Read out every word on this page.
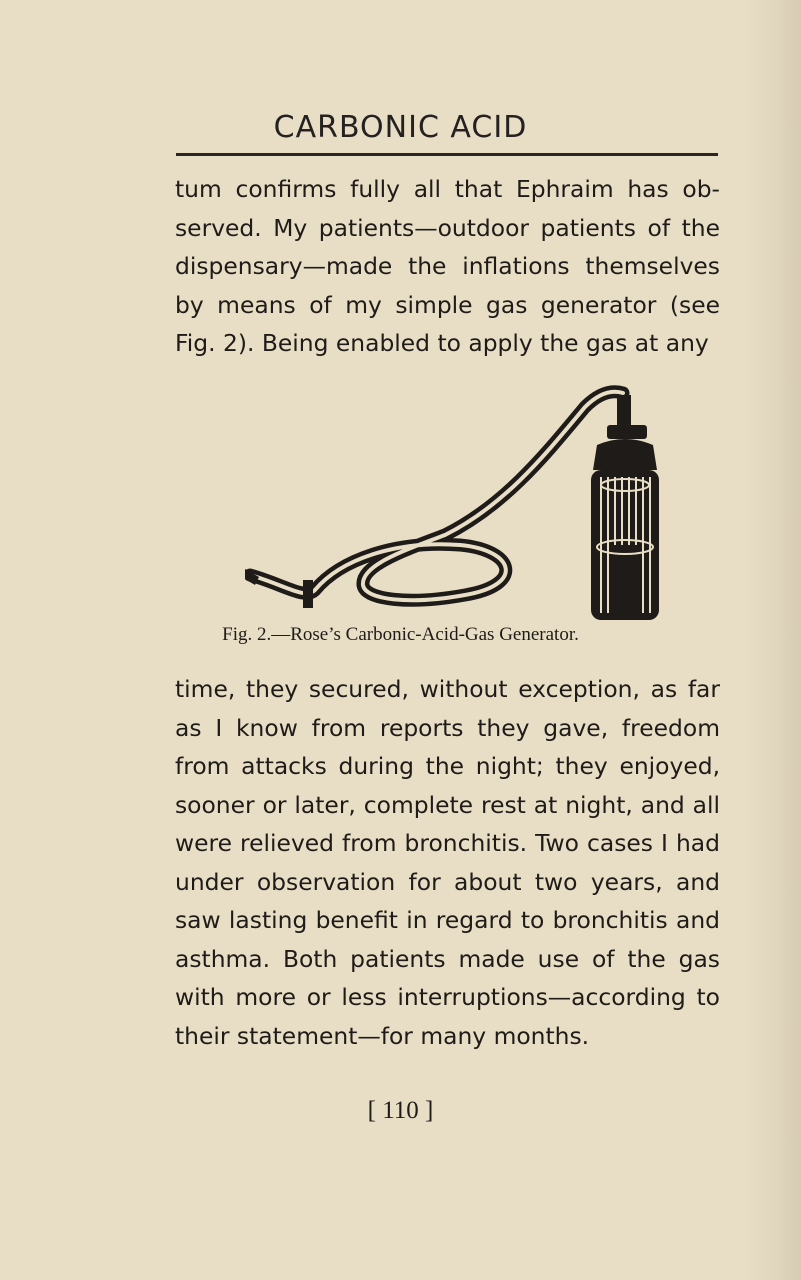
CARBONIC ACID

tum confirms fully all that Ephraim has ob-served. My patients—outdoor patients of the dispensary—made the inflations themselves by means of my simple gas generator (see Fig. 2). Being enabled to apply the gas at any

Fig. 2.—Rose’s Carbonic-Acid-Gas Generator.

time, they secured, without exception, as far as I know from reports they gave, freedom from attacks during the night; they enjoyed, sooner or later, complete rest at night, and all were relieved from bronchitis. Two cases I had under observation for about two years, and saw lasting benefit in regard to bronchitis and asthma. Both patients made use of the gas with more or less interruptions—according to their statement—for many months.

[ 110 ]
